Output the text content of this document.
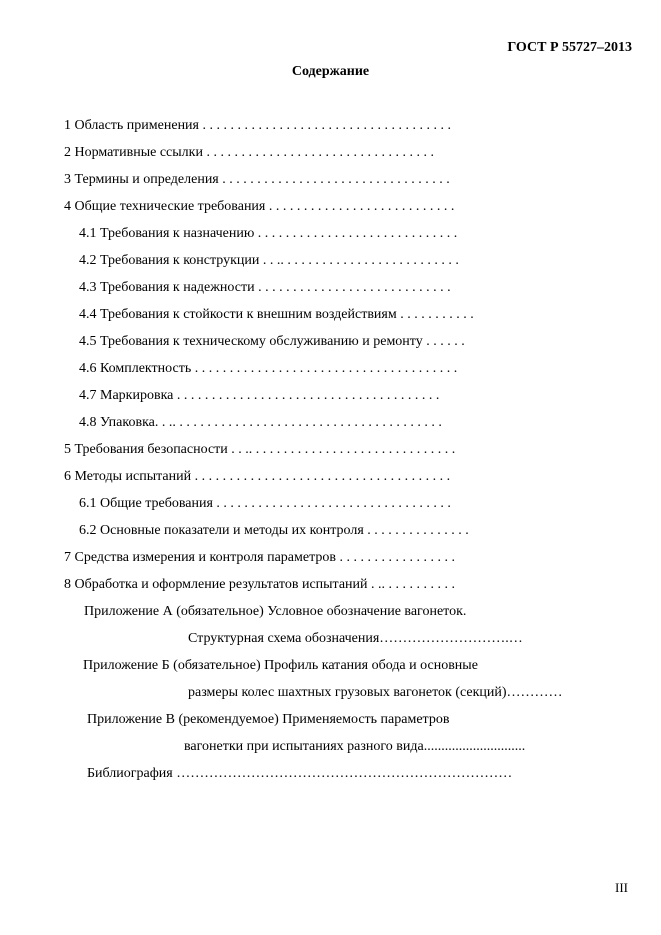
ГОСТ Р 55727–2013
Содержание
1 Область применения . . . . . . . . . . . . . . . . . . . . . . . . . . . . . . . . . . . .
2 Нормативные ссылки . . . . . . . . . . . . . . . . . . . . . . . . . . . . . . . . .
3 Термины и определения . . . . . . . . . . . . . . . . . . . . . . . . . . . . . . . . .
4 Общие технические требования . . . . . . . . . . . . . . . . . . . . . . . . . . .
4.1 Требования к назначению . . . . . . . . . . . . . . . . . . . . . . . . . . . . .
4.2 Требования к конструкции . . .. . . . . . . . . . . . . . . . . . . . . . . . . .
4.3 Требования к надежности . . . . . . . . . . . . . . . . . . . . . . . . . . . .
4.4 Требования к стойкости к внешним воздействиям . . . . . . . . . . .
4.5 Требования к техническому обслуживанию и ремонту . . . . . .
4.6 Комплектность . . . . . . . . . . . . . . . . . . . . . . . . . . . . . . . . . . . . . .
4.7 Маркировка . . . . . . . . . . . . . . . . . . . . . . . . . . . . . . . . . . . . . .
4.8 Упаковка. . .. . . . . . . . . . . . . . . . . . . . . . . . . . . . . . . . . . . . . . .
5 Требования безопасности . . .. . . . . . . . . . . . . . . . . . . . . . . . . . . . . .
6 Методы испытаний . . . . . . . . . . . . . . . . . . . . . . . . . . . . . . . . . . . . .
6.1 Общие требования . . . . . . . . . . . . . . . . . . . . . . . . . . . . . . . . . .
6.2 Основные показатели и методы их контроля . . . . . . . . . . . . . . .
7 Средства измерения и контроля параметров . . . . . . . . . . . . . . . . .
8 Обработка и оформление результатов испытаний . .. . . . . . . . . . .
Приложение А (обязательное) Условное обозначение вагонеток.
Структурная схема обозначения……………………….…
Приложение Б (обязательное) Профиль катания обода и основные
размеры колес шахтных грузовых вагонеток (секций)…………
Приложение В (рекомендуемое) Применяемость параметров
вагонетки при испытаниях разного вида.............................
Библиография ………………………………………………………………
III
